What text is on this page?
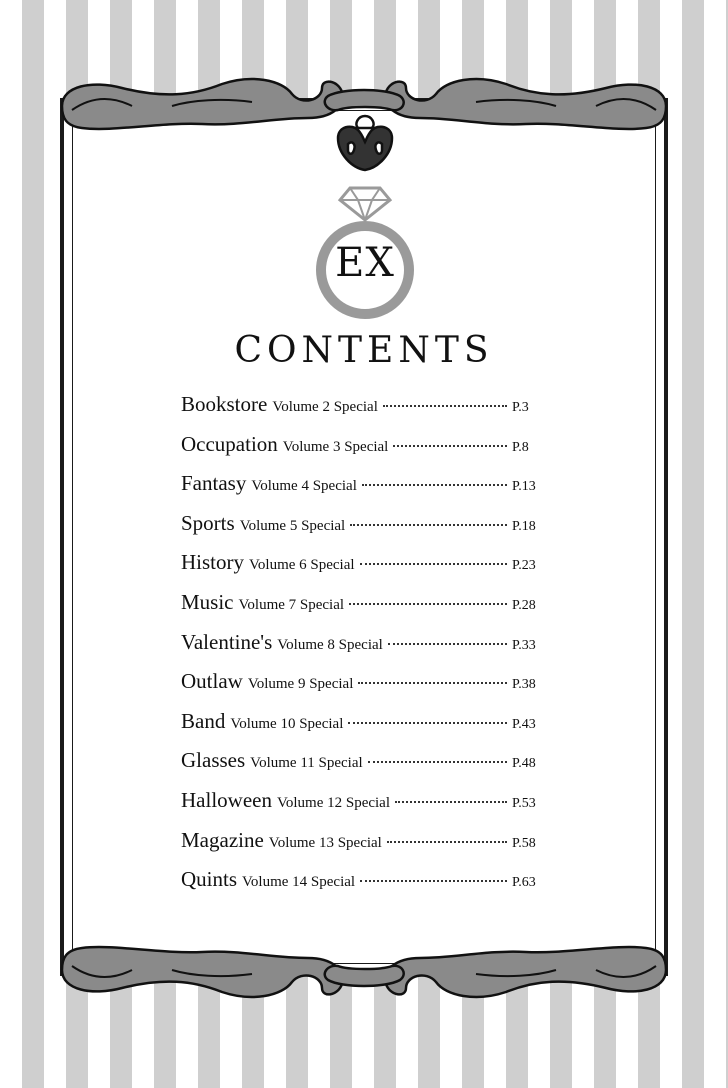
EX
CONTENTS
Bookstore Volume 2 Special	P.3
Occupation Volume 3 Special	P.8
Fantasy Volume 4 Special	P.13
Sports Volume 5 Special	P.18
History Volume 6 Special	P.23
Music Volume 7 Special	P.28
Valentine's Volume 8 Special	P.33
Outlaw Volume 9 Special	P.38
Band Volume 10 Special	P.43
Glasses Volume 11 Special	P.48
Halloween Volume 12 Special	P.53
Magazine Volume 13 Special	P.58
Quints Volume 14 Special	P.63
